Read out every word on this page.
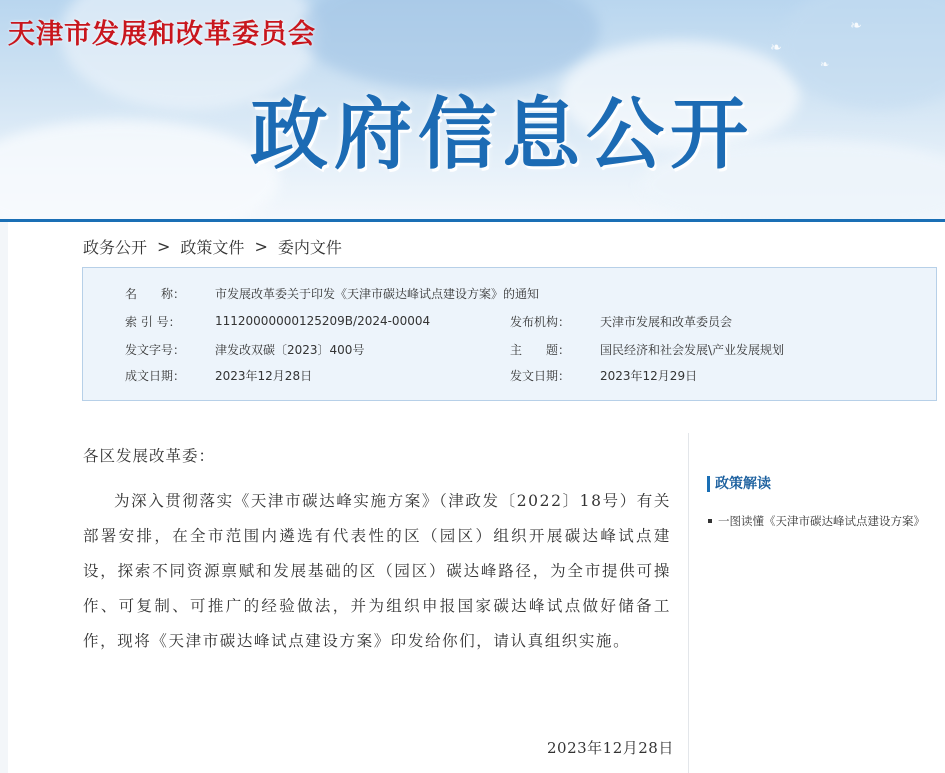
❧
❧
❧
天津市发展和改革委员会
政府信息公开
政务公开 > 政策文件 > 委内文件
名　　称：	市发展改革委关于印发《天津市碳达峰试点建设方案》的通知
索 引 号：	11120000000125209B/2024-00004	发布机构：	天津市发展和改革委员会
发文字号：	津发改双碳〔2023〕400号	主　　题：	国民经济和社会发展\产业发展规划
成文日期：	2023年12月28日	发文日期：	2023年12月29日
各区发展改革委：

为深入贯彻落实《天津市碳达峰实施方案》（津政发〔2022〕18号）有关部署安排，在全市范围内遴选有代表性的区（园区）组织开展碳达峰试点建设，探索不同资源禀赋和发展基础的区（园区）碳达峰路径，为全市提供可操作、可复制、可推广的经验做法，并为组织申报国家碳达峰试点做好储备工作，现将《天津市碳达峰试点建设方案》印发给你们，请认真组织实施。

2023年12月28日
政策解读
一图读懂《天津市碳达峰试点建设方案》
